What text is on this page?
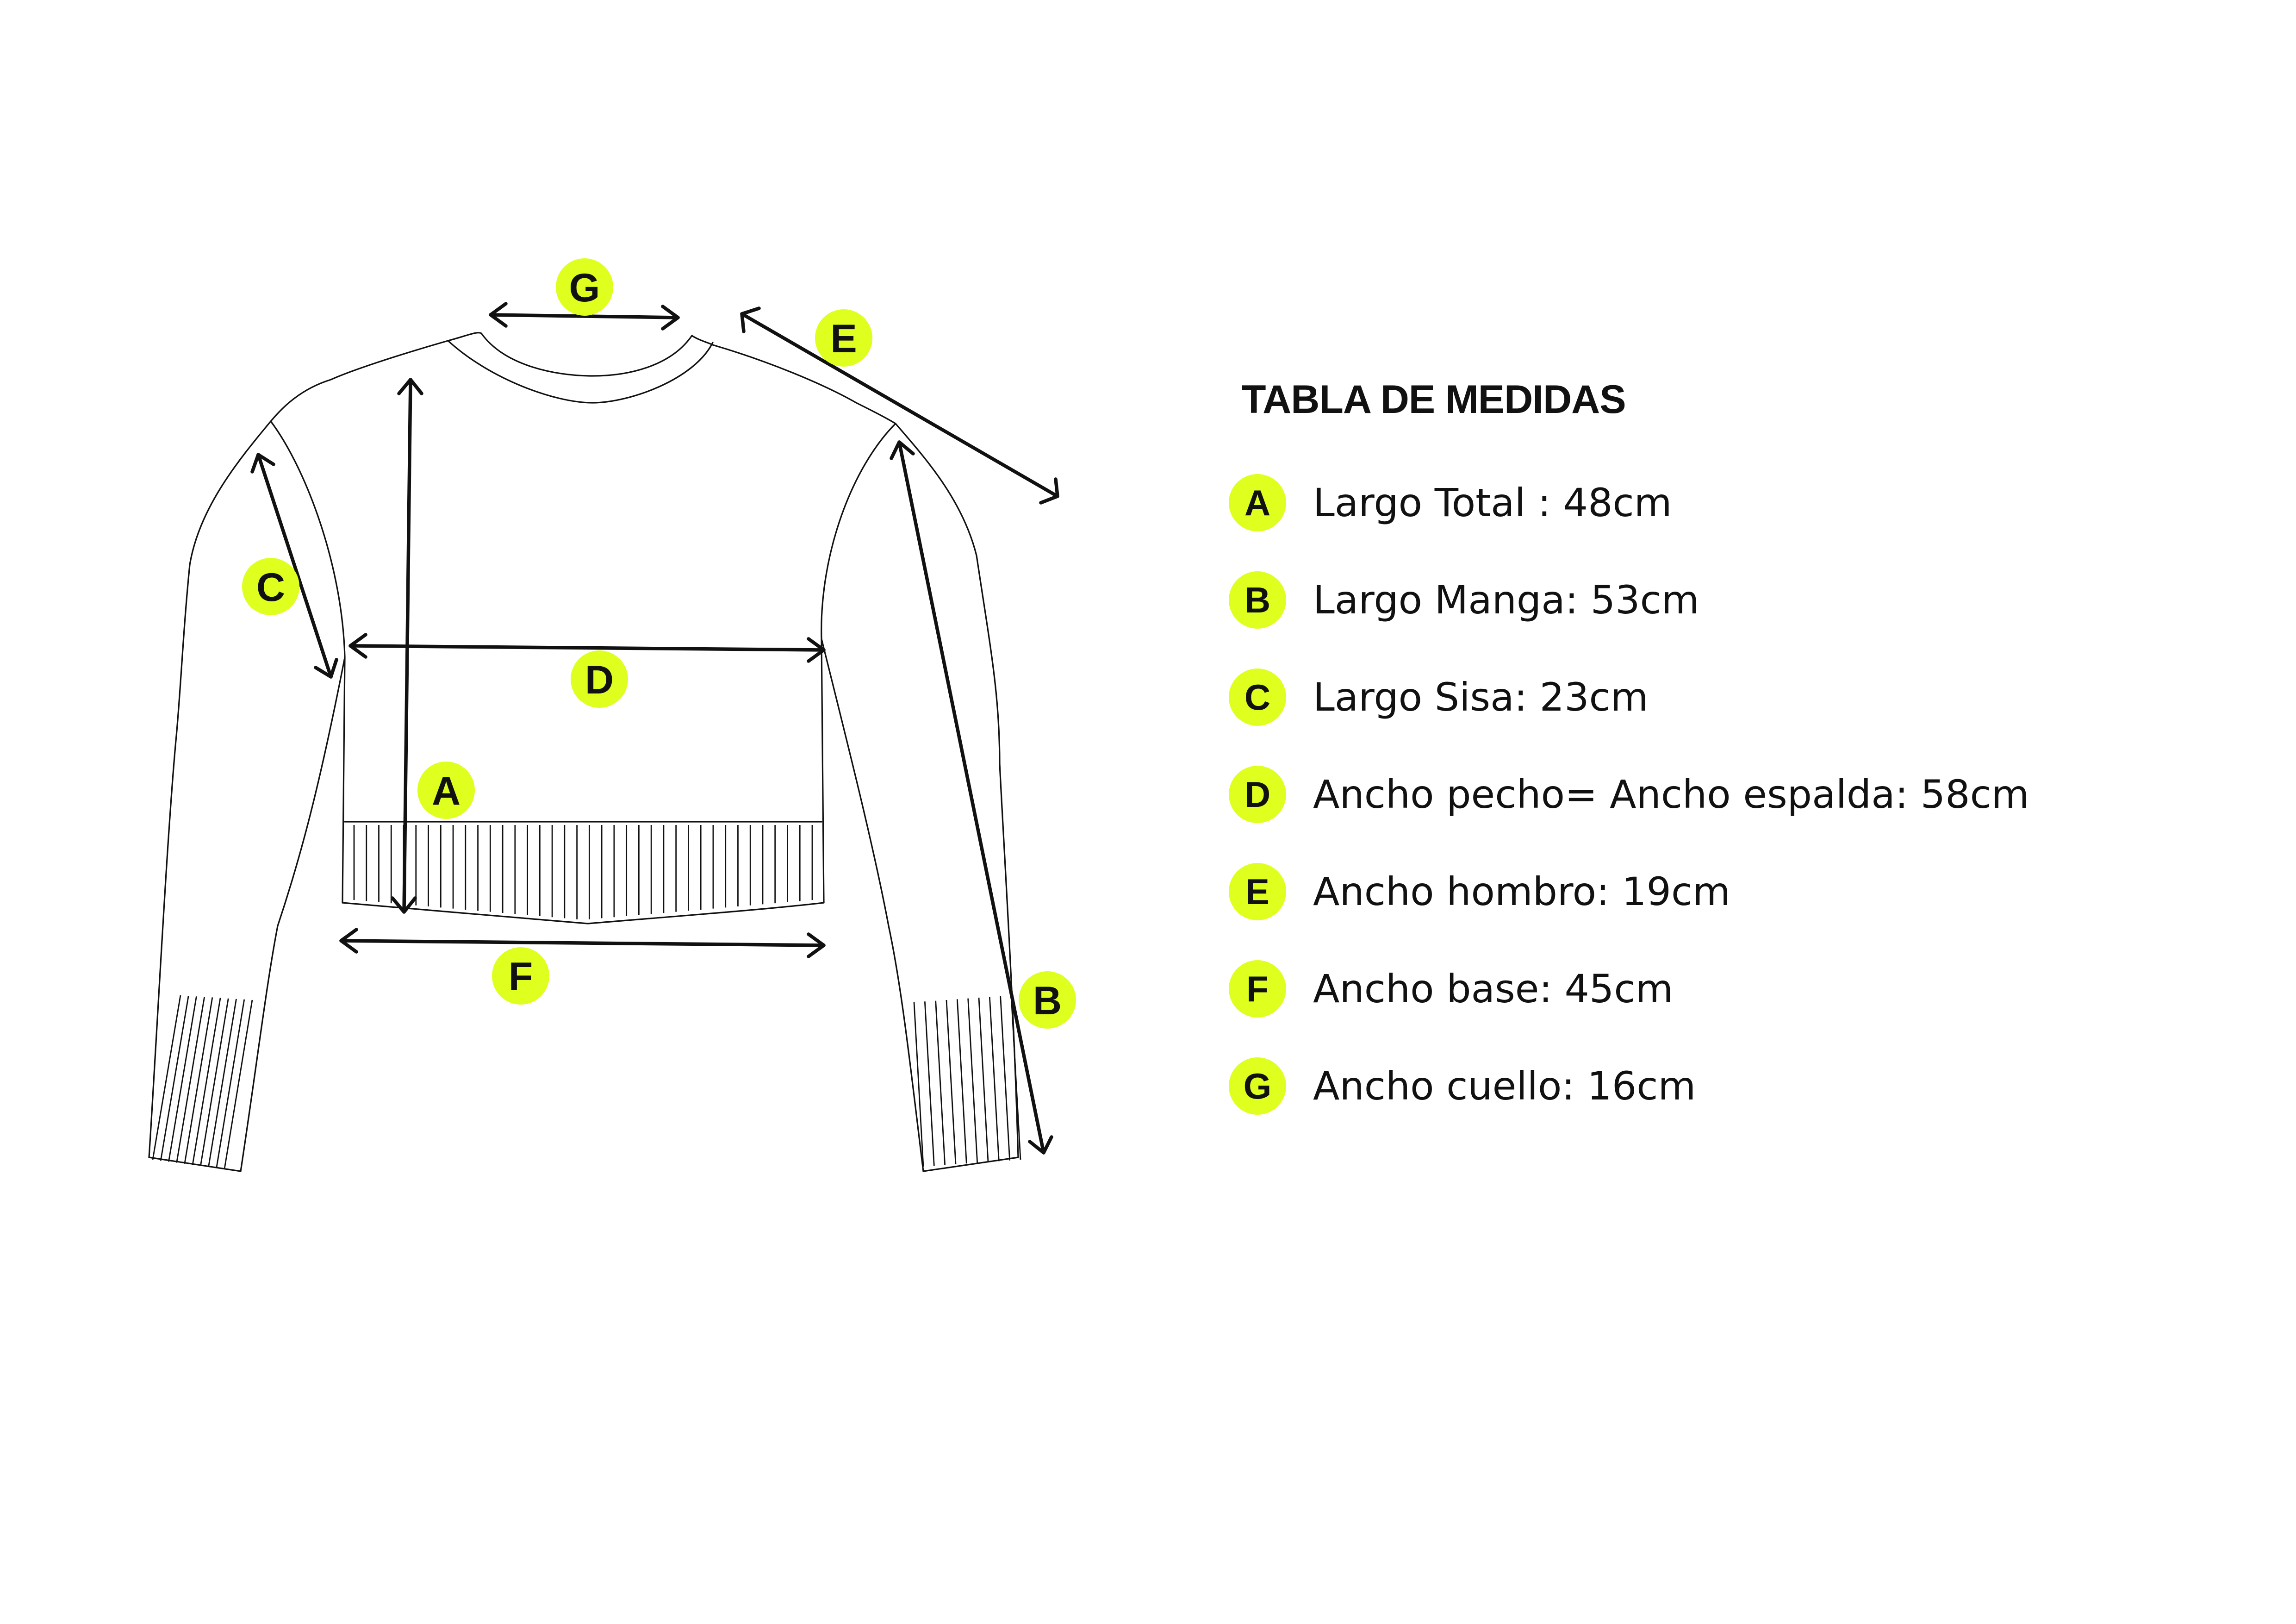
G
E
C
D
A
F
B
TABLA DE MEDIDAS
A	Largo Total : 48cm
B	Largo Manga: 53cm
C	Largo Sisa: 23cm
D	Ancho pecho= Ancho espalda: 58cm
E	Ancho hombro: 19cm
F	Ancho base: 45cm
G	Ancho cuello: 16cm
